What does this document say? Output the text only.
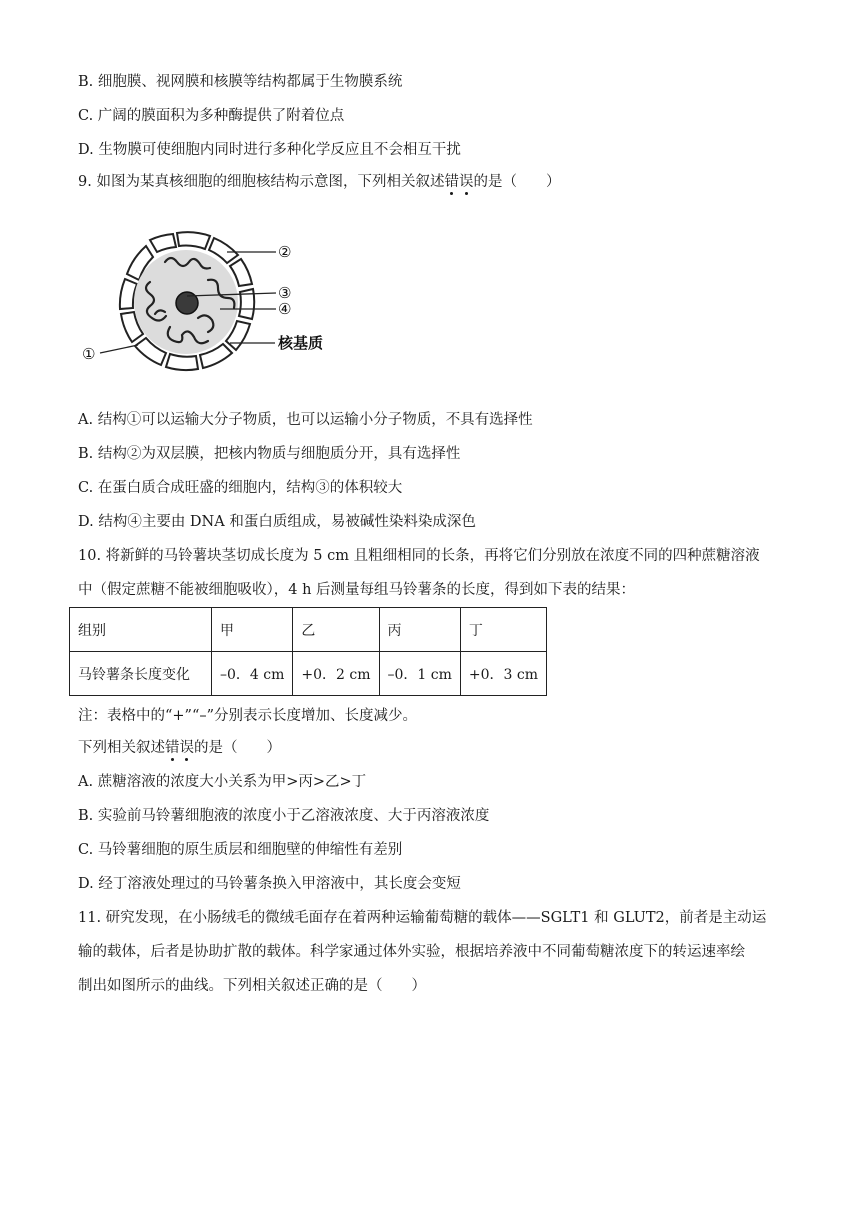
B. 细胞膜、视网膜和核膜等结构都属于生物膜系统
C. 广阔的膜面积为多种酶提供了附着位点
D. 生物膜可使细胞内同时进行多种化学反应且不会相互干扰
9. 如图为某真核细胞的细胞核结构示意图，下列相关叙述错误的是（　　）
②
③
④
核基质
①
A. 结构①可以运输大分子物质，也可以运输小分子物质，不具有选择性
B. 结构②为双层膜，把核内物质与细胞质分开，具有选择性
C. 在蛋白质合成旺盛的细胞内，结构③的体积较大
D. 结构④主要由 DNA 和蛋白质组成，易被碱性染料染成深色
10. 将新鲜的马铃薯块茎切成长度为 5 cm 且粗细相同的长条，再将它们分别放在浓度不同的四种蔗糖溶液
中（假定蔗糖不能被细胞吸收），4 h 后测量每组马铃薯条的长度，得到如下表的结果：
组别	甲	乙	丙	丁
马铃薯条长度变化	–0．4 cm	+0．2 cm	–0．1 cm	+0．3 cm
注：表格中的“+”“–”分别表示长度增加、长度减少。
下列相关叙述错误的是（　　）
A. 蔗糖溶液的浓度大小关系为甲>丙>乙>丁
B. 实验前马铃薯细胞液的浓度小于乙溶液浓度、大于丙溶液浓度
C. 马铃薯细胞的原生质层和细胞壁的伸缩性有差别
D. 经丁溶液处理过的马铃薯条换入甲溶液中，其长度会变短
11. 研究发现，在小肠绒毛的微绒毛面存在着两种运输葡萄糖的载体——SGLT1 和 GLUT2，前者是主动运
输的载体，后者是协助扩散的载体。科学家通过体外实验，根据培养液中不同葡萄糖浓度下的转运速率绘
制出如图所示的曲线。下列相关叙述正确的是（　　）
